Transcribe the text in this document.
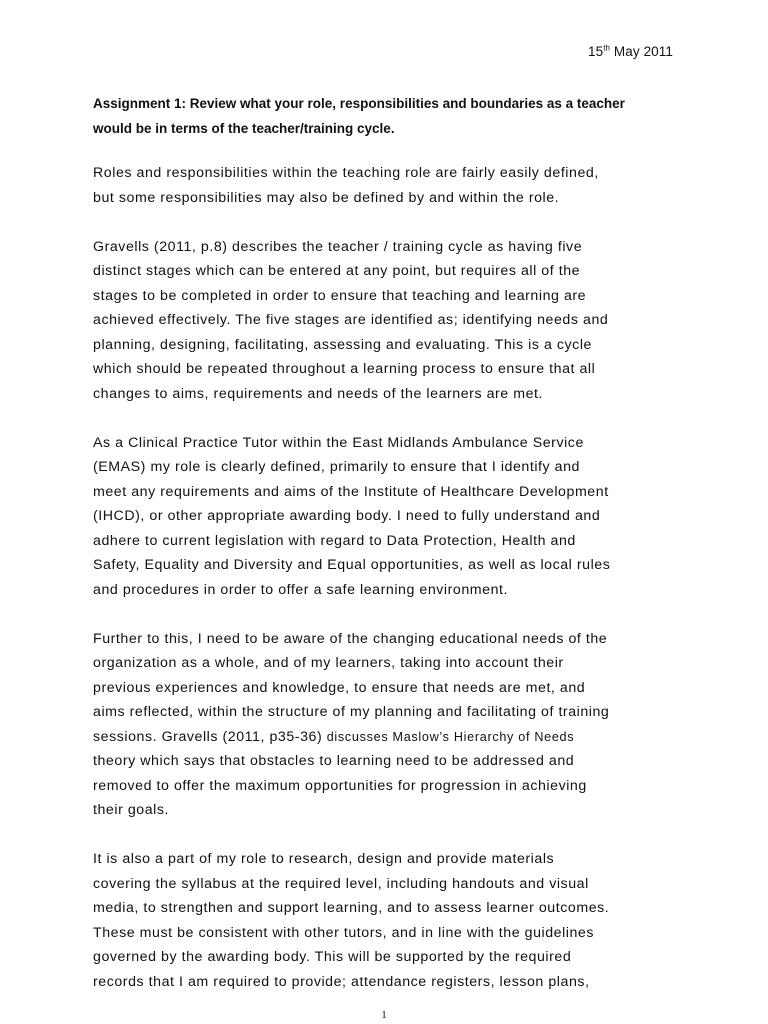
15th May 2011
Assignment 1: Review what your role, responsibilities and boundaries as a teacher
would be in terms of the teacher/training cycle.
Roles and responsibilities within the teaching role are fairly easily defined,
but some responsibilities may also be defined by and within the role.
Gravells (2011, p.8) describes the teacher / training cycle as having five
distinct stages which can be entered at any point, but requires all of the
stages to be completed in order to ensure that teaching and learning are
achieved effectively. The five stages are identified as; identifying needs and
planning, designing, facilitating, assessing and evaluating. This is a cycle
which should be repeated throughout a learning process to ensure that all
changes to aims, requirements and needs of the learners are met.
As a Clinical Practice Tutor within the East Midlands Ambulance Service
(EMAS) my role is clearly defined, primarily to ensure that I identify and
meet any requirements and aims of the Institute of Healthcare Development
(IHCD), or other appropriate awarding body. I need to fully understand and
adhere to current legislation with regard to Data Protection, Health and
Safety, Equality and Diversity and Equal opportunities, as well as local rules
and procedures in order to offer a safe learning environment.
Further to this, I need to be aware of the changing educational needs of the
organization as a whole, and of my learners, taking into account their
previous experiences and knowledge, to ensure that needs are met, and
aims reflected, within the structure of my planning and facilitating of training
sessions. Gravells (2011, p35-36) discusses Maslow’s Hierarchy of Needs
theory which says that obstacles to learning need to be addressed and
removed to offer the maximum opportunities for progression in achieving
their goals.
It is also a part of my role to research, design and provide materials
covering the syllabus at the required level, including handouts and visual
media, to strengthen and support learning, and to assess learner outcomes.
These must be consistent with other tutors, and in line with the guidelines
governed by the awarding body. This will be supported by the required
records that I am required to provide; attendance registers, lesson plans,
1
